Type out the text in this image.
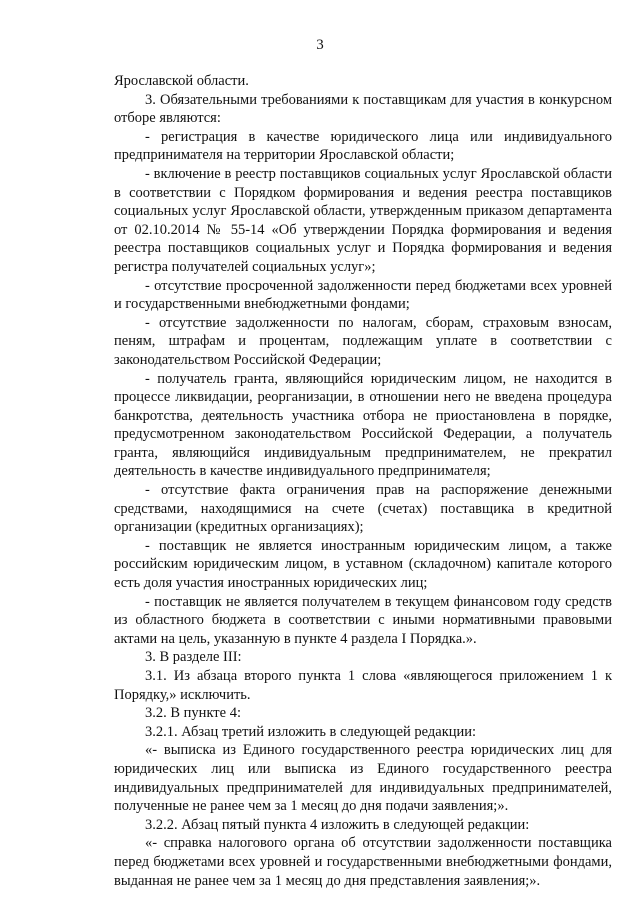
3

Ярославской области.

3. Обязательными требованиями к поставщикам для участия в конкурсном отборе являются:

- регистрация в качестве юридического лица или индивидуального предпринимателя на территории Ярославской области;

- включение в реестр поставщиков социальных услуг Ярославской области в соответствии с Порядком формирования и ведения реестра поставщиков социальных услуг Ярославской области, утвержденным приказом департамента от 02.10.2014 № 55-14 «Об утверждении Порядка формирования и ведения реестра поставщиков социальных услуг и Порядка формирования и ведения регистра получателей социальных услуг»;

- отсутствие просроченной задолженности перед бюджетами всех уровней и государственными внебюджетными фондами;

- отсутствие задолженности по налогам, сборам, страховым взносам, пеням, штрафам и процентам, подлежащим уплате в соответствии с законодательством Российской Федерации;

- получатель гранта, являющийся юридическим лицом, не находится в процессе ликвидации, реорганизации, в отношении него не введена процедура банкротства, деятельность участника отбора не приостановлена в порядке, предусмотренном законодательством Российской Федерации, а получатель гранта, являющийся индивидуальным предпринимателем, не прекратил деятельность в качестве индивидуального предпринимателя;

- отсутствие факта ограничения прав на распоряжение денежными средствами, находящимися на счете (счетах) поставщика в кредитной организации (кредитных организациях);

- поставщик не является иностранным юридическим лицом, а также российским юридическим лицом, в уставном (складочном) капитале которого есть доля участия иностранных юридических лиц;

- поставщик не является получателем в текущем финансовом году средств из областного бюджета в соответствии с иными нормативными правовыми актами на цель, указанную в пункте 4 раздела I Порядка.».

3. В разделе III:

3.1. Из абзаца второго пункта 1 слова «являющегося приложением 1 к Порядку,» исключить.

3.2. В пункте 4:

3.2.1. Абзац третий изложить в следующей редакции:

«- выписка из Единого государственного реестра юридических лиц для юридических лиц или выписка из Единого государственного реестра индивидуальных предпринимателей для индивидуальных предпринимателей, полученные не ранее чем за 1 месяц до дня подачи заявления;».

3.2.2. Абзац пятый пункта 4 изложить в следующей редакции:

«- справка налогового органа об отсутствии задолженности поставщика перед бюджетами всех уровней и государственными внебюджетными фондами, выданная не ранее чем за 1 месяц до дня представления заявления;».
